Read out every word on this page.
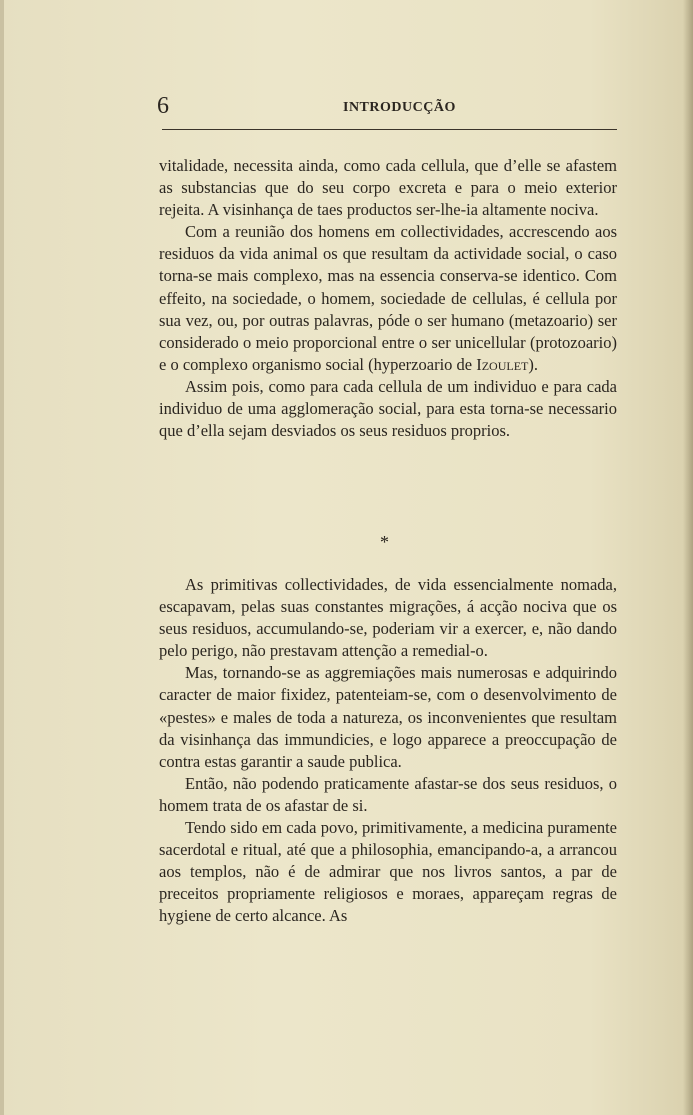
6	INTRODUCÇÃO

vitalidade, necessita ainda, como cada cellula, que d’elle se afastem as substancias que do seu corpo excreta e para o meio exterior rejeita. A visinhança de taes productos ser-lhe-ia altamente nociva.

Com a reunião dos homens em collectividades, accrescendo aos residuos da vida animal os que resultam da actividade social, o caso torna-se mais complexo, mas na essencia conserva-se identico. Com effeito, na sociedade, o homem, sociedade de cellulas, é cellula por sua vez, ou, por outras palavras, póde o ser humano (metazoario) ser considerado o meio proporcional entre o ser unicellular (protozoario) e o complexo organismo social (hyperzoario de Izoulet).

Assim pois, como para cada cellula de um individuo e para cada individuo de uma agglomeração social, para esta torna-se necessario que d’ella sejam desviados os seus residuos proprios.

*

As primitivas collectividades, de vida essencialmente nomada, escapavam, pelas suas constantes migrações, á acção nociva que os seus residuos, accumulando-se, poderiam vir a exercer, e, não dando pelo perigo, não prestavam attenção a remedial-o.

Mas, tornando-se as aggremiações mais numerosas e adquirindo caracter de maior fixidez, patenteiam-se, com o desenvolvimento de «pestes» e males de toda a natureza, os inconvenientes que resultam da visinhança das immundicies, e logo apparece a preoccupação de contra estas garantir a saude publica.

Então, não podendo praticamente afastar-se dos seus residuos, o homem trata de os afastar de si.

Tendo sido em cada povo, primitivamente, a medicina puramente sacerdotal e ritual, até que a philosophia, emancipando-a, a arrancou aos templos, não é de admirar que nos livros santos, a par de preceitos propriamente religiosos e moraes, appareçam regras de hygiene de certo alcance. As
